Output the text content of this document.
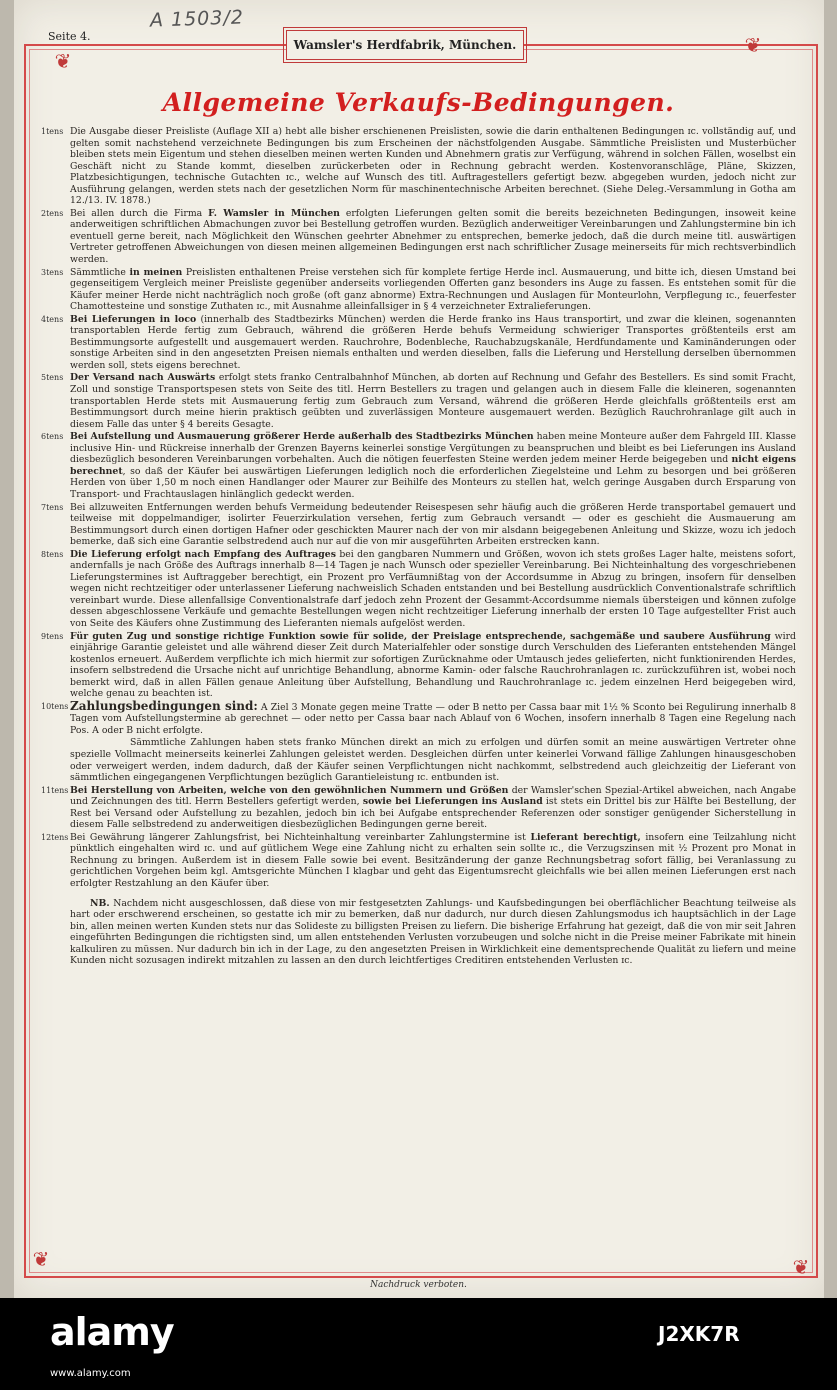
Seite 4.
A 1503/2
❦
❦
❦	❦
Wamsler's Herdfabrik, München.
Allgemeine Verkaufs-Bedingungen.
1tens Die Ausgabe dieser Preisliste (Auflage XII a) hebt alle bisher erschienenen Preislisten, sowie die darin enthaltenen Bedingungen ɪc. vollständig auf, und gelten somit nachstehend verzeichnete Bedingungen bis zum Erscheinen der nächstfolgenden Ausgabe. Sämmtliche Preislisten und Musterbücher bleiben stets mein Eigentum und stehen dieselben meinen werten Kunden und Abnehmern gratis zur Verfügung, während in solchen Fällen, woselbst ein Geschäft nicht zu Stande kommt, dieselben zurückerbeten oder in Rechnung gebracht werden. Kostenvoranschläge, Pläne, Skizzen, Platzbesichtigungen, technische Gutachten ɪc., welche auf Wunsch des titl. Auftragestellers gefertigt bezw. abgegeben wurden, jedoch nicht zur Ausführung gelangen, werden stets nach der gesetzlichen Norm für maschinentechnische Arbeiten berechnet. (Siehe Deleg.-Versammlung in Gotha am 12./13. IV. 1878.)

2tens Bei allen durch die Firma F. Wamsler in München erfolgten Lieferungen gelten somit die bereits bezeichneten Bedingungen, insoweit keine anderweitigen schriftlichen Abmachungen zuvor bei Bestellung getroffen wurden. Bezüglich anderweitiger Vereinbarungen und Zahlungstermine bin ich eventuell gerne bereit, nach Möglichkeit den Wünschen geehrter Abnehmer zu entsprechen, bemerke jedoch, daß die durch meine titl. auswärtigen Vertreter getroffenen Abweichungen von diesen meinen allgemeinen Bedingungen erst nach schriftlicher Zusage meinerseits für mich rechtsverbindlich werden.

3tens Sämmtliche in meinen Preislisten enthaltenen Preise verstehen sich für komplete fertige Herde incl. Ausmauerung, und bitte ich, diesen Umstand bei gegenseitigem Vergleich meiner Preisliste gegenüber anderseits vorliegenden Offerten ganz besonders ins Auge zu fassen. Es entstehen somit für die Käufer meiner Herde nicht nachträglich noch große (oft ganz abnorme) Extra-Rechnungen und Auslagen für Monteurlohn, Verpflegung ɪc., feuerfester Chamottesteine und sonstige Zuthaten ɪc., mit Ausnahme alleinfallsiger in § 4 verzeichneter Extralieferungen.

4tens Bei Lieferungen in loco (innerhalb des Stadtbezirks München) werden die Herde franko ins Haus transportirt, und zwar die kleinen, sogenannten transportablen Herde fertig zum Gebrauch, während die größeren Herde behufs Vermeidung schwieriger Transportes größtenteils erst am Bestimmungsorte aufgestellt und ausgemauert werden. Rauchrohre, Bodenbleche, Rauchabzugskanäle, Herdfundamente und Kaminänderungen oder sonstige Arbeiten sind in den angesetzten Preisen niemals enthalten und werden dieselben, falls die Lieferung und Herstellung derselben übernommen werden soll, stets eigens berechnet.

5tens Der Versand nach Auswärts erfolgt stets franko Centralbahnhof München, ab dorten auf Rechnung und Gefahr des Bestellers. Es sind somit Fracht, Zoll und sonstige Transportspesen stets von Seite des titl. Herrn Bestellers zu tragen und gelangen auch in diesem Falle die kleineren, sogenannten transportablen Herde stets mit Ausmauerung fertig zum Gebrauch zum Versand, während die größeren Herde gleichfalls größtenteils erst am Bestimmungsort durch meine hierin praktisch geübten und zuverlässigen Monteure ausgemauert werden. Bezüglich Rauchrohranlage gilt auch in diesem Falle das unter § 4 bereits Gesagte.

6tens Bei Aufstellung und Ausmauerung größerer Herde außerhalb des Stadtbezirks München haben meine Monteure außer dem Fahrgeld III. Klasse inclusive Hin- und Rückreise innerhalb der Grenzen Bayerns keinerlei sonstige Vergütungen zu beanspruchen und bleibt es bei Lieferungen ins Ausland diesbezüglich besonderen Vereinbarungen vorbehalten. Auch die nötigen feuerfesten Steine werden jedem meiner Herde beigegeben und nicht eigens berechnet, so daß der Käufer bei auswärtigen Lieferungen lediglich noch die erforderlichen Ziegelsteine und Lehm zu besorgen und bei größeren Herden von über 1,50 m noch einen Handlanger oder Maurer zur Beihilfe des Monteurs zu stellen hat, welch geringe Ausgaben durch Ersparung von Transport- und Frachtauslagen hinlänglich gedeckt werden.

7tens Bei allzuweiten Entfernungen werden behufs Vermeidung bedeutender Reisespesen sehr häufig auch die größeren Herde transportabel gemauert und teilweise mit doppelmandiger, isolirter Feuerzirkulation versehen, fertig zum Gebrauch versandt — oder es geschieht die Ausmauerung am Bestimmungsort durch einen dortigen Hafner oder geschickten Maurer nach der von mir alsdann beigegebenen Anleitung und Skizze, wozu ich jedoch bemerke, daß sich eine Garantie selbstredend auch nur auf die von mir ausgeführten Arbeiten erstrecken kann.

8tens Die Lieferung erfolgt nach Empfang des Auftrages bei den gangbaren Nummern und Größen, wovon ich stets großes Lager halte, meistens sofort, andernfalls je nach Größe des Auftrags innerhalb 8—14 Tagen je nach Wunsch oder spezieller Vereinbarung. Bei Nichteinhaltung des vorgeschriebenen Lieferungstermines ist Auftraggeber berechtigt, ein Prozent pro Verfäumnißtag von der Accordsumme in Abzug zu bringen, insofern für denselben wegen nicht rechtzeitiger oder unterlassener Lieferung nachweislich Schaden entstanden und bei Bestellung ausdrücklich Conventionalstrafe schriftlich vereinbart wurde. Diese allenfallsige Conventionalstrafe darf jedoch zehn Prozent der Gesammt-Accordsumme niemals übersteigen und können zufolge dessen abgeschlossene Verkäufe und gemachte Bestellungen wegen nicht rechtzeitiger Lieferung innerhalb der ersten 10 Tage aufgestellter Frist auch von Seite des Käufers ohne Zustimmung des Lieferanten niemals aufgelöst werden.

9tens Für guten Zug und sonstige richtige Funktion sowie für solide, der Preislage entsprechende, sachgemäße und saubere Ausführung wird einjährige Garantie geleistet und alle während dieser Zeit durch Materialfehler oder sonstige durch Verschulden des Lieferanten entstehenden Mängel kostenlos erneuert. Außerdem verpflichte ich mich hiermit zur sofortigen Zurücknahme oder Umtausch jedes gelieferten, nicht funktionirenden Herdes, insofern selbstredend die Ursache nicht auf unrichtige Behandlung, abnorme Kamin- oder falsche Rauchrohranlagen ɪc. zurückzuführen ist, wobei noch bemerkt wird, daß in allen Fällen genaue Anleitung über Aufstellung, Behandlung und Rauchrohranlage ɪc. jedem einzelnen Herd beigegeben wird, welche genau zu beachten ist.

10tens Zahlungsbedingungen sind: A Ziel 3 Monate gegen meine Tratte — oder B netto per Cassa baar mit 1½ % Sconto bei Regulirung innerhalb 8 Tagen vom Aufstellungstermine ab gerechnet — oder netto per Cassa baar nach Ablauf von 6 Wochen, insofern innerhalb 8 Tagen eine Regelung nach Pos. A oder B nicht erfolgte.

Sämmtliche Zahlungen haben stets franko München direkt an mich zu erfolgen und dürfen somit an meine auswärtigen Vertreter ohne spezielle Vollmacht meinerseits keinerlei Zahlungen geleistet werden. Desgleichen dürfen unter keinerlei Vorwand fällige Zahlungen hinausgeschoben oder verweigert werden, indem dadurch, daß der Käufer seinen Verpflichtungen nicht nachkommt, selbstredend auch gleichzeitig der Lieferant von sämmtlichen eingegangenen Verpflichtungen bezüglich Garantieleistung ɪc. entbunden ist.

11tens Bei Herstellung von Arbeiten, welche von den gewöhnlichen Nummern und Größen der Wamsler'schen Spezial-Artikel abweichen, nach Angabe und Zeichnungen des titl. Herrn Bestellers gefertigt werden, sowie bei Lieferungen ins Ausland ist stets ein Drittel bis zur Hälfte bei Bestellung, der Rest bei Versand oder Aufstellung zu bezahlen, jedoch bin ich bei Aufgabe entsprechender Referenzen oder sonstiger genügender Sicherstellung in diesem Falle selbstredend zu anderweitigen diesbezüglichen Bedingungen gerne bereit.

12tens Bei Gewährung längerer Zahlungsfrist, bei Nichteinhaltung vereinbarter Zahlungstermine ist Lieferant berechtigt, insofern eine Teilzahlung nicht pünktlich eingehalten wird ɪc. und auf gütlichem Wege eine Zahlung nicht zu erhalten sein sollte ɪc., die Verzugszinsen mit ½ Prozent pro Monat in Rechnung zu bringen. Außerdem ist in diesem Falle sowie bei event. Besitzänderung der ganze Rechnungsbetrag sofort fällig, bei Veranlassung zu gerichtlichen Vorgehen beim kgl. Amtsgerichte München I klagbar und geht das Eigentumsrecht gleichfalls wie bei allen meinen Lieferungen erst nach erfolgter Restzahlung an den Käufer über.

NB. Nachdem nicht ausgeschlossen, daß diese von mir festgesetzten Zahlungs- und Kaufsbedingungen bei oberflächlicher Beachtung teilweise als hart oder erschwerend erscheinen, so gestatte ich mir zu bemerken, daß nur dadurch, nur durch diesen Zahlungsmodus ich hauptsächlich in der Lage bin, allen meinen werten Kunden stets nur das Solideste zu billigsten Preisen zu liefern. Die bisherige Erfahrung hat gezeigt, daß die von mir seit Jahren eingeführten Bedingungen die richtigsten sind, um allen entstehenden Verlusten vorzubeugen und solche nicht in die Preise meiner Fabrikate mit hinein kalkuliren zu müssen. Nur dadurch bin ich in der Lage, zu den angesetzten Preisen in Wirklichkeit eine dementsprechende Qualität zu liefern und meine Kunden nicht sozusagen indirekt mitzahlen zu lassen an den durch leichtfertiges Creditiren entstehenden Verlusten ɪc.

Nachdruck verboten.
alamy	J2XK7R
www.alamy.com
